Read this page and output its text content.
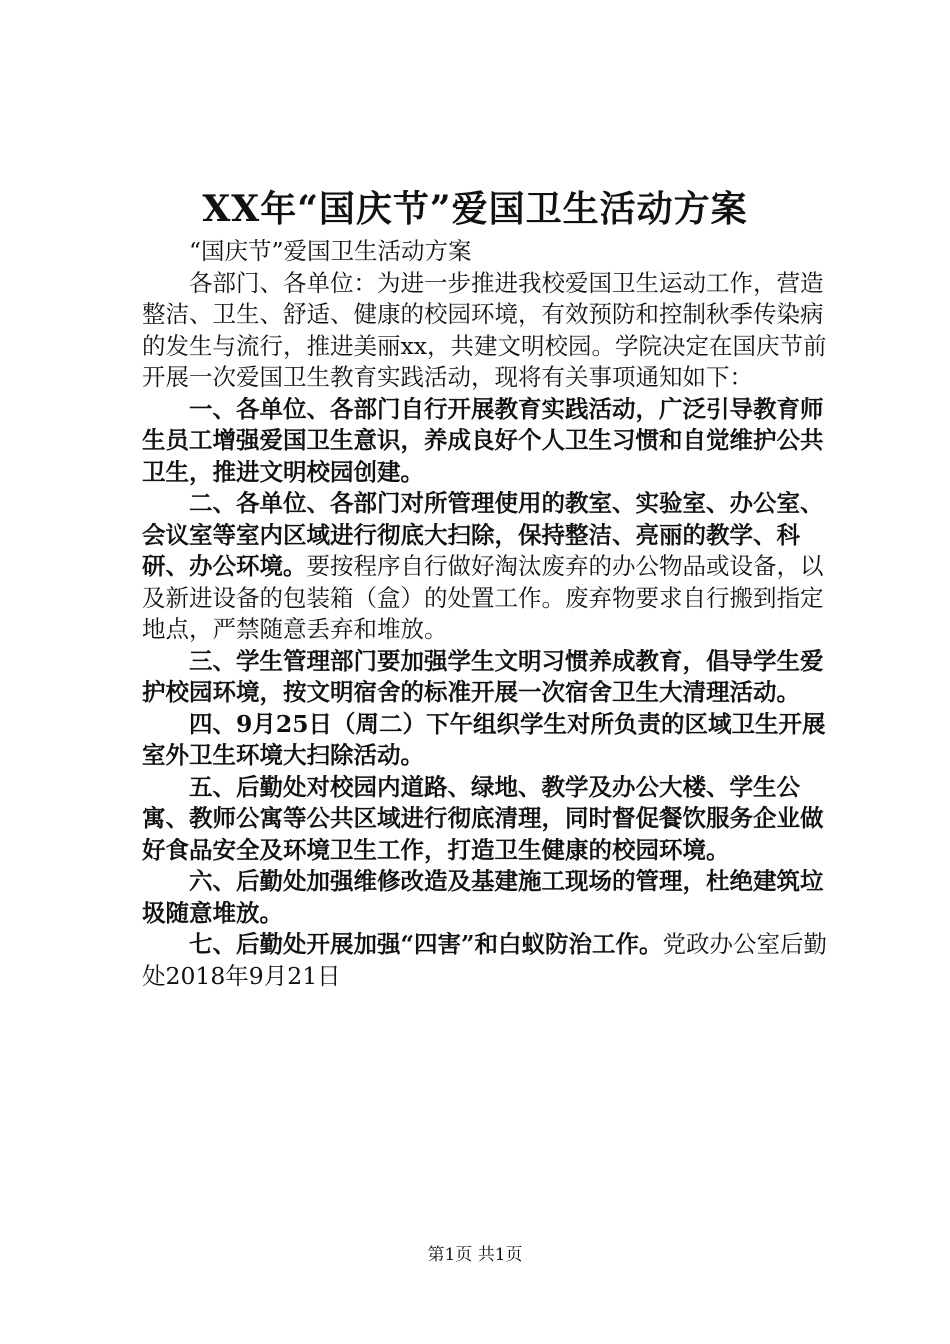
XX年“国庆节”爱国卫生活动方案

“国庆节”爱国卫生活动方案

各部门、各单位：为进一步推进我校爱国卫生运动工作，营造整洁、卫生、舒适、健康的校园环境，有效预防和控制秋季传染病的发生与流行，推进美丽xx，共建文明校园。学院决定在国庆节前开展一次爱国卫生教育实践活动，现将有关事项通知如下：

一、各单位、各部门自行开展教育实践活动，广泛引导教育师生员工增强爱国卫生意识，养成良好个人卫生习惯和自觉维护公共卫生，推进文明校园创建。

二、各单位、各部门对所管理使用的教室、实验室、办公室、会议室等室内区域进行彻底大扫除，保持整洁、亮丽的教学、科研、办公环境。要按程序自行做好淘汰废弃的办公物品或设备，以及新进设备的包装箱（盒）的处置工作。废弃物要求自行搬到指定地点，严禁随意丢弃和堆放。

三、学生管理部门要加强学生文明习惯养成教育，倡导学生爱护校园环境，按文明宿舍的标准开展一次宿舍卫生大清理活动。

四、9月25日（周二）下午组织学生对所负责的区域卫生开展室外卫生环境大扫除活动。

五、后勤处对校园内道路、绿地、教学及办公大楼、学生公寓、教师公寓等公共区域进行彻底清理，同时督促餐饮服务企业做好食品安全及环境卫生工作，打造卫生健康的校园环境。

六、后勤处加强维修改造及基建施工现场的管理，杜绝建筑垃圾随意堆放。

七、后勤处开展加强“四害”和白蚁防治工作。党政办公室后勤处2018年9月21日

第1页 共1页
